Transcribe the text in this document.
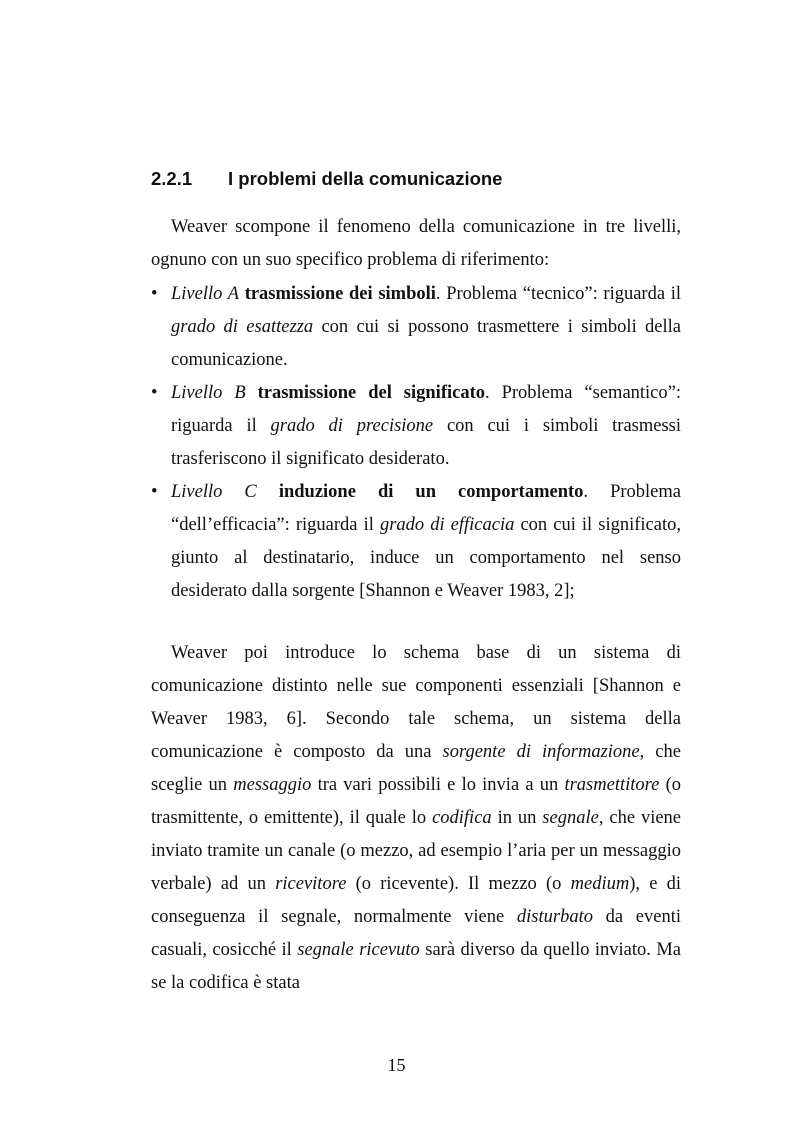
2.2.1 I problemi della comunicazione

Weaver scompone il fenomeno della comunicazione in tre livelli, ognuno con un suo specifico problema di riferimento:

• Livello A trasmissione dei simboli. Problema “tecnico”: riguarda il grado di esattezza con cui si possono trasmettere i simboli della comunicazione.
• Livello B trasmissione del significato. Problema “semantico”: riguarda il grado di precisione con cui i simboli trasmessi trasferiscono il significato desiderato.
• Livello C induzione di un comportamento. Problema “dell’efficacia”: riguarda il grado di efficacia con cui il significato, giunto al destinatario, induce un comportamento nel senso desiderato dalla sorgente [Shannon e Weaver 1983, 2];

Weaver poi introduce lo schema base di un sistema di comunicazione distinto nelle sue componenti essenziali [Shannon e Weaver 1983, 6]. Secondo tale schema, un sistema della comunicazione è composto da una sorgente di informazione, che sceglie un messaggio tra vari possibili e lo invia a un trasmettitore (o trasmittente, o emittente), il quale lo codifica in un segnale, che viene inviato tramite un canale (o mezzo, ad esempio l’aria per un messaggio verbale) ad un ricevitore (o ricevente). Il mezzo (o medium), e di conseguenza il segnale, normalmente viene disturbato da eventi casuali, cosicché il segnale ricevuto sarà diverso da quello inviato. Ma se la codifica è stata

15
